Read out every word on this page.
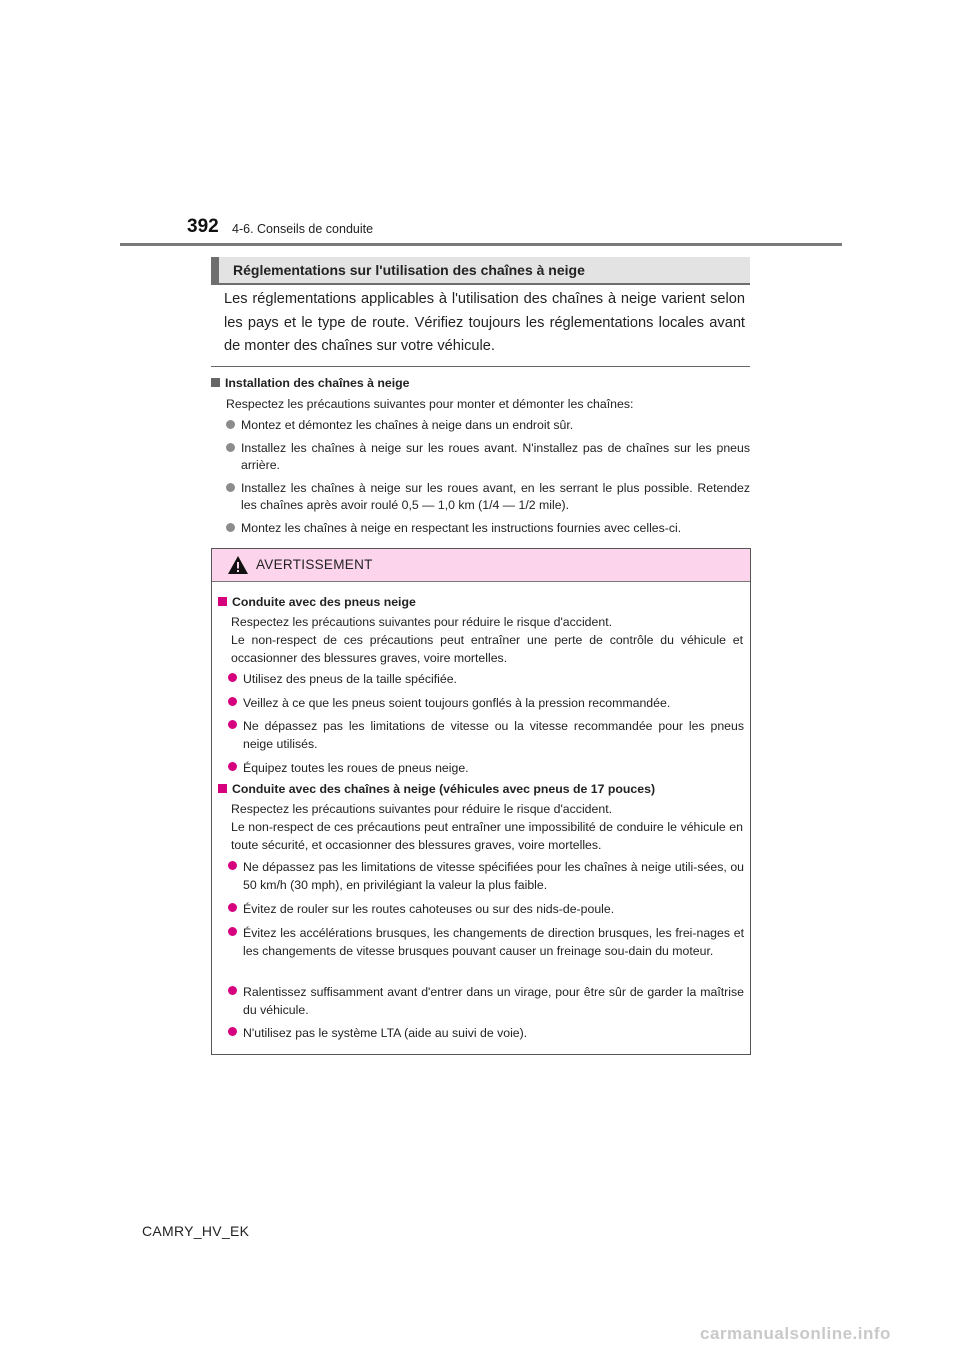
392 4-6. Conseils de conduite
Réglementations sur l'utilisation des chaînes à neige
Les réglementations applicables à l'utilisation des chaînes à neige varient selon les pays et le type de route. Vérifiez toujours les réglementations locales avant de monter des chaînes sur votre véhicule.
Installation des chaînes à neige
Respectez les précautions suivantes pour monter et démonter les chaînes:
Montez et démontez les chaînes à neige dans un endroit sûr.
Installez les chaînes à neige sur les roues avant. N'installez pas de chaînes sur les pneus arrière.
Installez les chaînes à neige sur les roues avant, en les serrant le plus possible. Retendez les chaînes après avoir roulé 0,5 — 1,0 km (1/4 — 1/2 mile).
Montez les chaînes à neige en respectant les instructions fournies avec celles-ci.
AVERTISSEMENT
Conduite avec des pneus neige
Respectez les précautions suivantes pour réduire le risque d'accident.
Le non-respect de ces précautions peut entraîner une perte de contrôle du véhicule et occasionner des blessures graves, voire mortelles.
Utilisez des pneus de la taille spécifiée.
Veillez à ce que les pneus soient toujours gonflés à la pression recommandée.
Ne dépassez pas les limitations de vitesse ou la vitesse recommandée pour les pneus neige utilisés.
Équipez toutes les roues de pneus neige.
Conduite avec des chaînes à neige (véhicules avec pneus de 17 pouces)
Respectez les précautions suivantes pour réduire le risque d'accident.
Le non-respect de ces précautions peut entraîner une impossibilité de conduire le véhicule en toute sécurité, et occasionner des blessures graves, voire mortelles.
Ne dépassez pas les limitations de vitesse spécifiées pour les chaînes à neige utili-sées, ou 50 km/h (30 mph), en privilégiant la valeur la plus faible.
Évitez de rouler sur les routes cahoteuses ou sur des nids-de-poule.
Évitez les accélérations brusques, les changements de direction brusques, les frei-nages et les changements de vitesse brusques pouvant causer un freinage sou-dain du moteur.
Ralentissez suffisamment avant d'entrer dans un virage, pour être sûr de garder la maîtrise du véhicule.
N'utilisez pas le système LTA (aide au suivi de voie).
CAMRY_HV_EK
carmanualsonline.info
